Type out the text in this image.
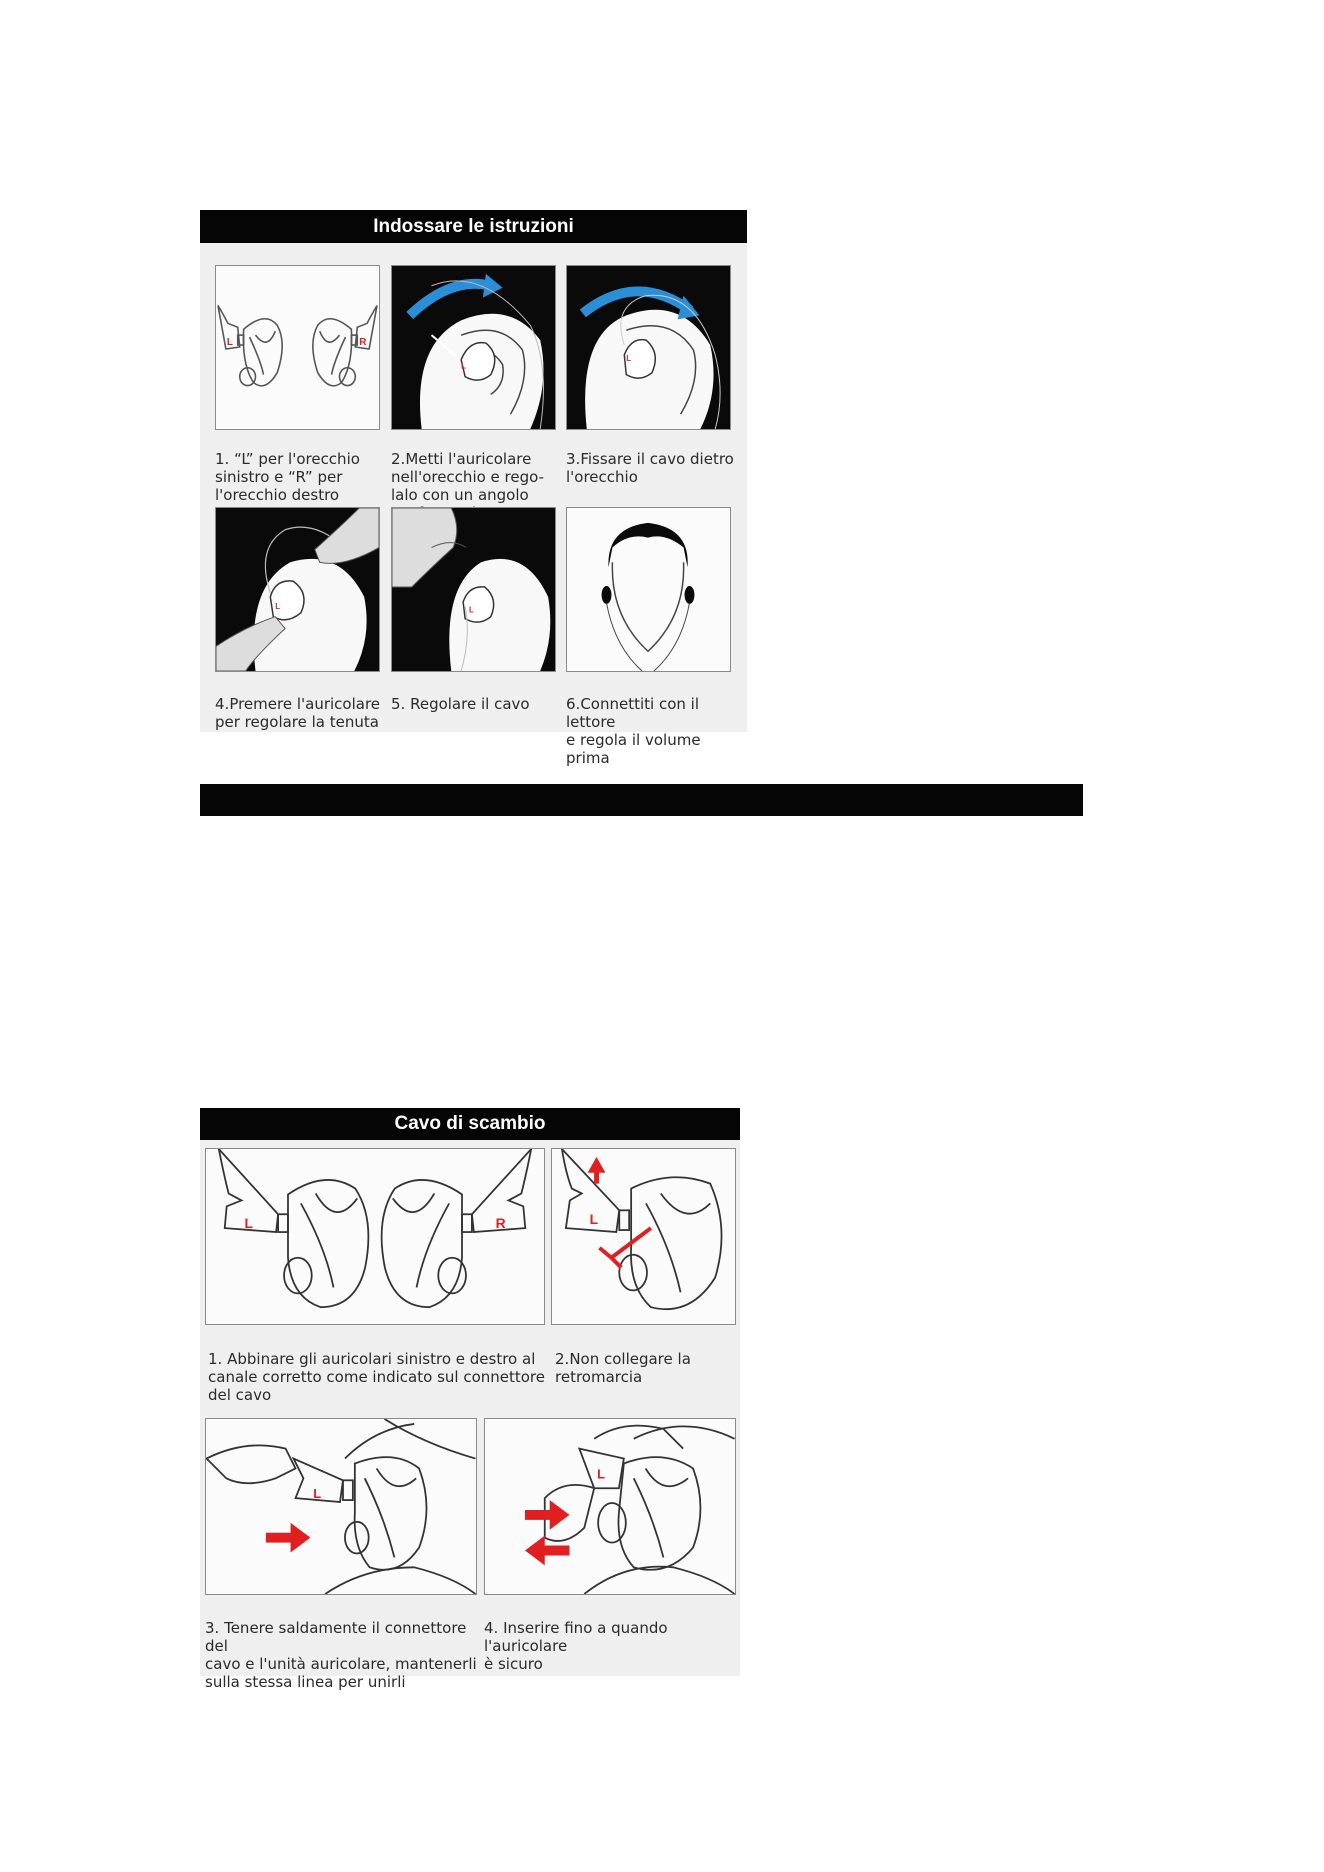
Indossare le istruzioni
L	R
L
L

1. “L” per l'orecchio
sinistro e “R” per
l'orecchio destro

2.Metti l'auricolare
nell'orecchio e rego-
lalo con un angolo

3.Fissare il cavo dietro
l'orecchio

L	L

4.Premere l'auricolare
per regolare la tenuta

5. Regolare il cavo	6.Connettiti con il lettore
e regola il volume
prima

Cavo di scambio
L	R	L

1. Abbinare gli auricolari sinistro e destro al
canale corretto come indicato sul connettore
del cavo

2.Non collegare la
retromarcia

L
L

3. Tenere saldamente il connettore del
cavo e l'unità auricolare, mantenerli
sulla stessa linea per unirli

4. Inserire fino a quando l'auricolare
è sicuro
